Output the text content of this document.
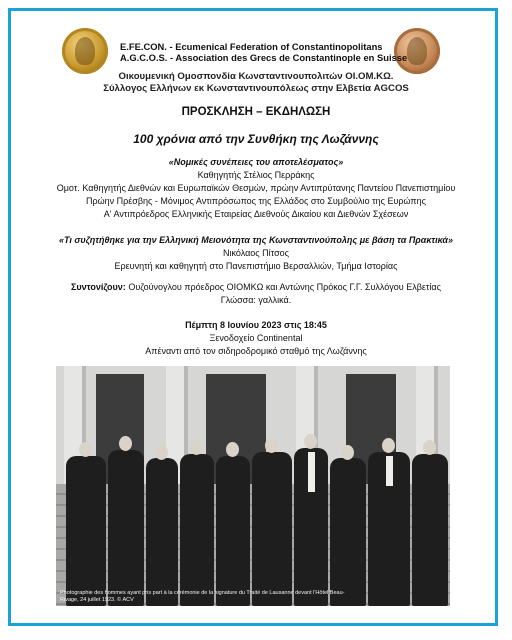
E.FE.CON. - Ecumenical Federation of Constantinopolitans
A.G.C.O.S. - Association des Grecs de Constantinople en Suisse
Οικουμενική Ομοσπονδία Κωνσταντινουπολιτών ΟΙ.ΟΜ.ΚΩ.
Σύλλογος Ελλήνων εκ Κωνσταντινουπόλεως στην Ελβετία AGCOS
ΠΡΟΣΚΛΗΣΗ – ΕΚΔΗΛΩΣΗ
100 χρόνια από την Συνθήκη της Λωζάννης
«Νομικές συνέπειες του αποτελέσματος»
Καθηγητής Στέλιος Περράκης
Ομοτ. Καθηγητής Διεθνών και Ευρωπαϊκών Θεσμών, πρώην Αντιπρύτανης Παντείου Πανεπιστημίου
Πρώην Πρέσβης - Μόνιμος Αντιπρόσωπος της Ελλάδος στο Συμβούλιο της Ευρώπης
Α' Αντιπρόεδρος Ελληνικής Εταιρείας Διεθνούς Δικαίου και Διεθνών Σχέσεων
«Τι συζητήθηκε για την Ελληνική Μειονότητα της Κωνσταντινούπολης με βάση τα Πρακτικά»
Νικόλαος Πίτσος
Ερευνητή και καθηγητή στο Πανεπιστήμιο Βερσαλλιών, Τμήμα Ιστορίας
Συντονίζουν: Ουζούνογλου πρόεδρος ΟΙΟΜΚΩ και Αντώνης Πρόκος Γ.Γ. Συλλόγου Ελβετίας
Γλώσσα: γαλλικά.
Πέμπτη 8 Ιουνίου 2023 στις 18:45
Ξενοδοχείο Continental
Απέναντι από τον σιδηροδρομικό σταθμό της Λωζάννης
Photographie des hommes ayant pris part à la cérémonie de la signature du Traité de Lausanne devant l'Hôtel Beau-Rivage, 24 juillet 1923. © ACV
